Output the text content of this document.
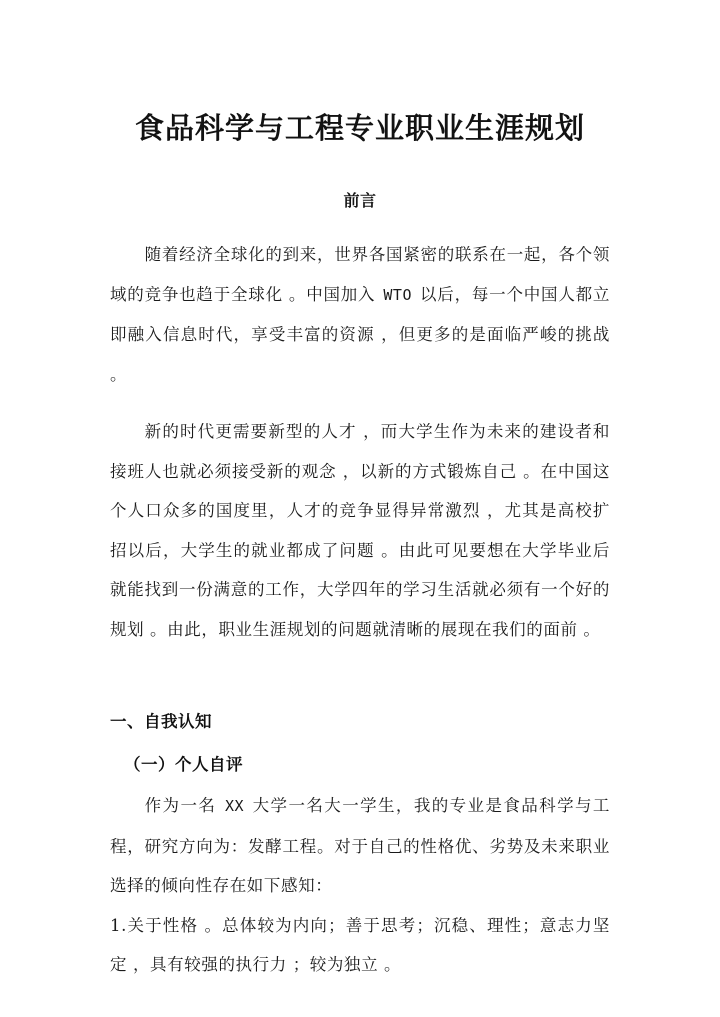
食品科学与工程专业职业生涯规划
前言

随着经济全球化的到来，世界各国紧密的联系在一起，各个领域的竞争也趋于全球化 。中国加入 WTO 以后，每一个中国人都立即融入信息时代，享受丰富的资源 ，但更多的是面临严峻的挑战 。

新的时代更需要新型的人才 ，而大学生作为未来的建设者和接班人也就必须接受新的观念 ，以新的方式锻炼自己 。在中国这个人口众多的国度里，人才的竞争显得异常激烈 ，尤其是高校扩招以后，大学生的就业都成了问题 。由此可见要想在大学毕业后就能找到一份满意的工作，大学四年的学习生活就必须有一个好的规划 。由此，职业生涯规划的问题就清晰的展现在我们的面前 。

一、自我认知
（一）个人自评

作为一名 XX 大学一名大一学生，我的专业是食品科学与工程，研究方向为：发酵工程。对于自己的性格优、劣势及未来职业选择的倾向性存在如下感知：

1.关于性格 。总体较为内向；善于思考；沉稳、理性；意志力坚定 ，具有较强的执行力 ；较为独立 。
